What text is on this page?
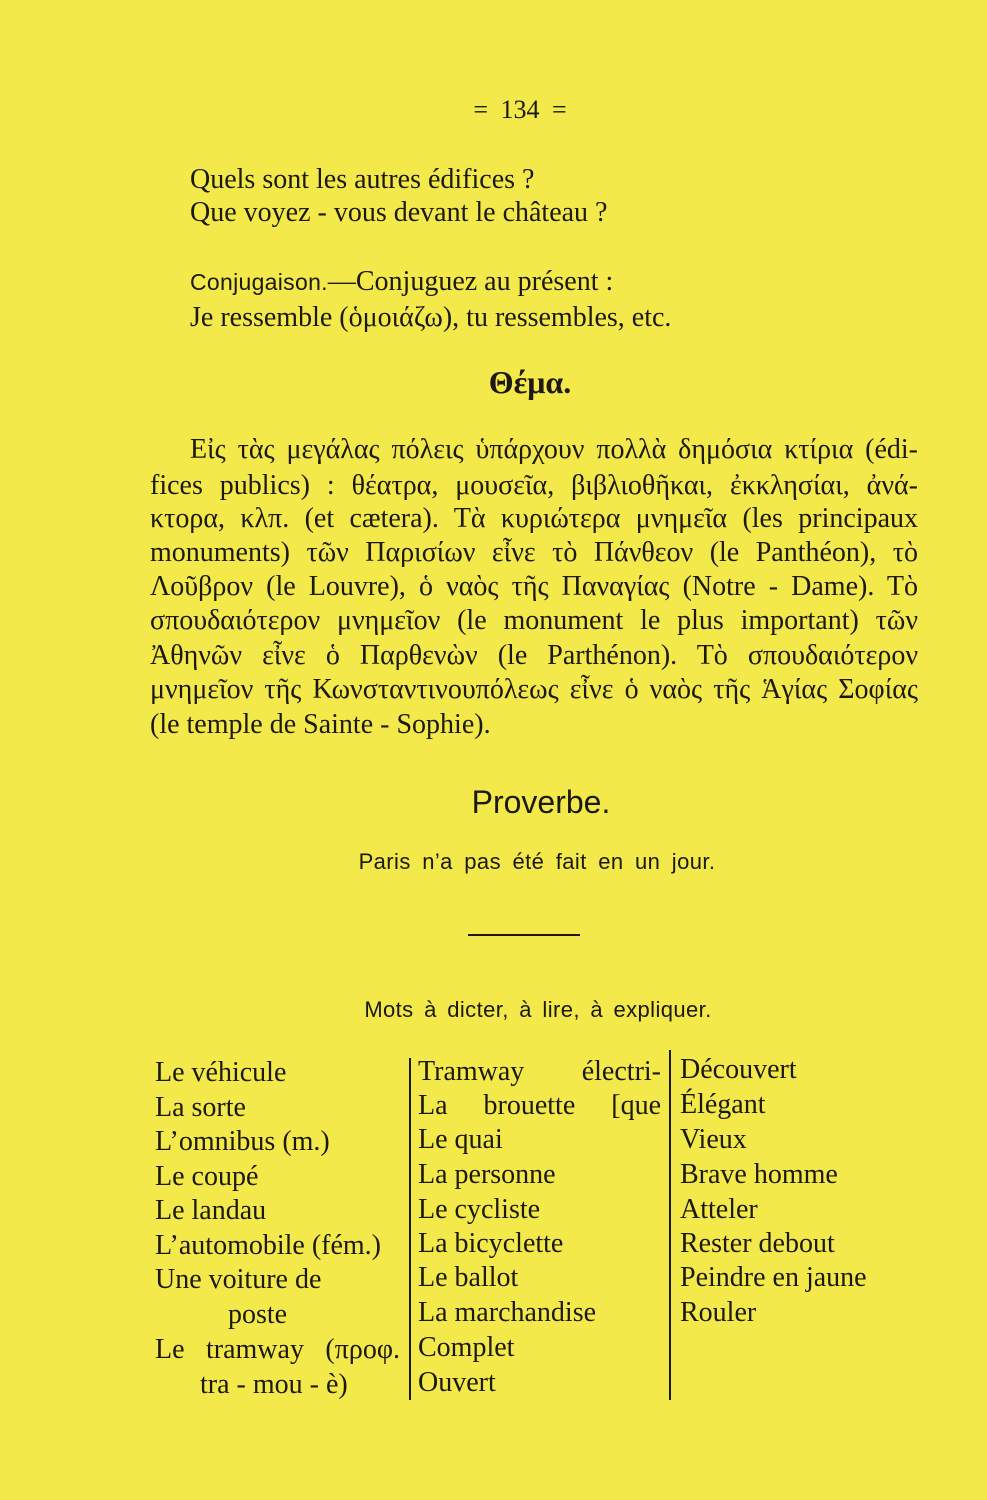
= 134 =
Quels sont les autres édifices ?
Que voyez - vous devant le château ?
Conjugaison.—Conjuguez au présent :
Je ressemble (ὁμοιάζω), tu ressembles, etc.
Θέμα.
Εἰς τὰς μεγάλας πόλεις ὑπάρχουν πολλὰ δημόσια κτίρια (édi-
fices publics) : θέατρα, μουσεῖα, βιβλιοθῆκαι, ἐκκλησίαι, ἀνά-
κτορα, κλπ. (et cætera). Τὰ κυριώτερα μνημεῖα (les principaux
monuments) τῶν Παρισίων εἶνε τὸ Πάνθεον (le Panthéon), τὸ
Λοῦβρον (le Louvre), ὁ ναὸς τῆς Παναγίας (Notre - Dame). Τὸ
σπουδαιότερον μνημεῖον (le monument le plus important) τῶν
Ἀθηνῶν εἶνε ὁ Παρθενὼν (le Parthénon). Τὸ σπουδαιότερον
μνημεῖον τῆς Κωνσταντινουπόλεως εἶνε ὁ ναὸς τῆς Ἁγίας Σοφίας
(le temple de Sainte - Sophie).
Proverbe.
Paris n’a pas été fait en un jour.
Mots à dicter, à lire, à expliquer.
Le véhicule
La sorte
L’omnibus (m.)
Le coupé
Le landau
L’automobile (fém.)
Une voiture de
poste
Le tramway (προφ.
tra - mou - è)
Tramway électri-
La brouette [que
Le quai
La personne
Le cycliste
La bicyclette
Le ballot
La marchandise
Complet
Ouvert
Découvert
Élégant
Vieux
Brave homme
Atteler
Rester debout
Peindre en jaune
Rouler
